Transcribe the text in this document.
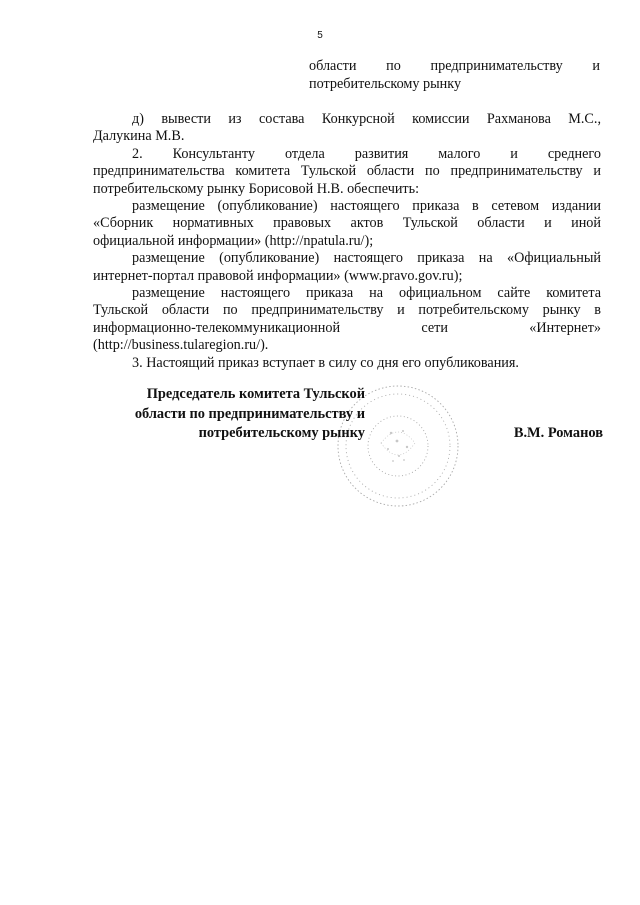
5
области по предпринимательству и
потребительскому рынку
д) вывести из состава Конкурсной комиссии Рахманова М.С.,
Далукина М.В.
2. Консультанту отдела развития малого и среднего
предпринимательства комитета Тульской области по предпринимательству и
потребительскому рынку Борисовой Н.В. обеспечить:
размещение (опубликование) настоящего приказа в сетевом издании
«Сборник нормативных правовых актов Тульской области и иной
официальной информации» (http://npatula.ru/);
размещение (опубликование) настоящего приказа на «Официальный
интернет-портал правовой информации» (www.pravo.gov.ru);
размещение настоящего приказа на официальном сайте комитета
Тульской области по предпринимательству и потребительскому рынку в
информационно-телекоммуникационной сети «Интернет»
(http://business.tularegion.ru/).
3. Настоящий приказ вступает в силу со дня его опубликования.
Председатель комитета Тульской
области по предпринимательству и
потребительскому рынку	В.М. Романов
